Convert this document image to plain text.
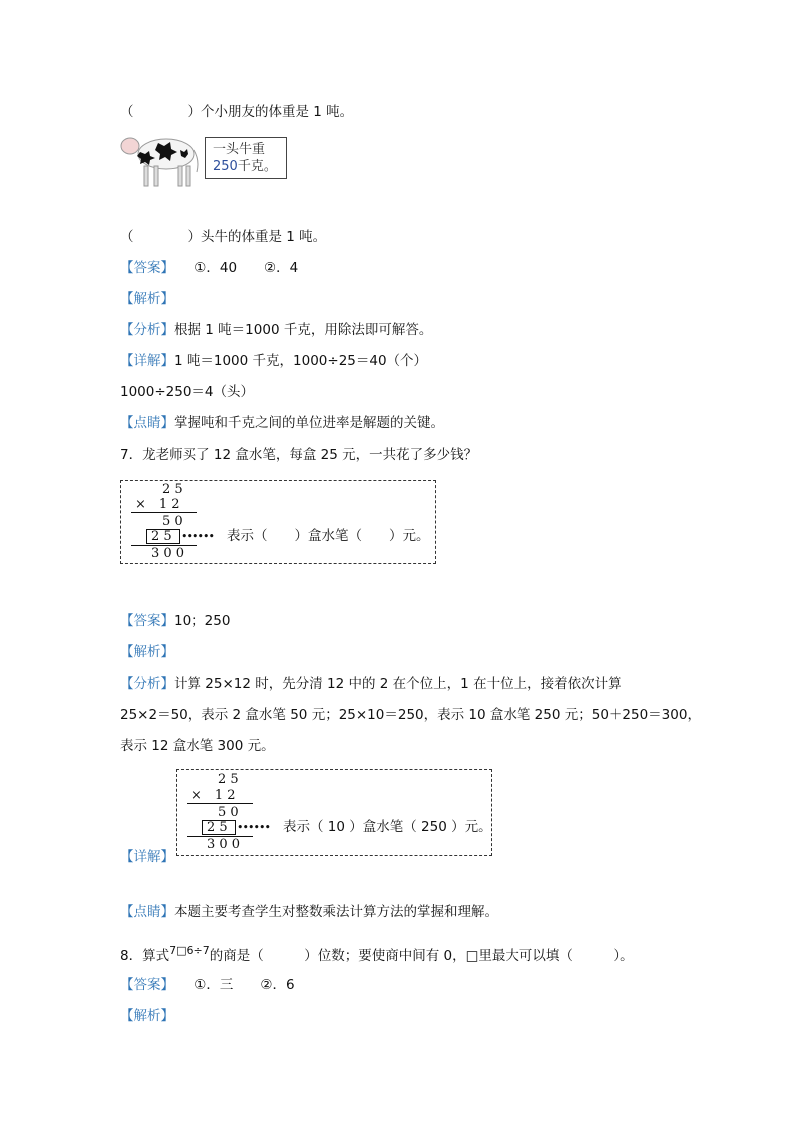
（　　　　）个小朋友的体重是 1 吨。
一头牛重
250千克。
（　　　　）头牛的体重是 1 吨。
【答案】　　①．40　　②．4
【解析】
【分析】根据 1 吨＝1000 千克，用除法即可解答。
【详解】1 吨＝1000 千克，1000÷25＝40（个）
1000÷250＝4（头）
【点睛】掌握吨和千克之间的单位进率是解题的关键。
7．龙老师买了 12 盒水笔，每盒 25 元，一共花了多少钱？
2 5
×　1 2
5 0
2 5 •••••• 表示（　　）盒水笔（　　）元。
3 0 0
【答案】10；250
【解析】
【分析】计算 25×12 时，先分清 12 中的 2 在个位上，1 在十位上，接着依次计算
25×2＝50，表示 2 盒水笔 50 元；25×10＝250，表示 10 盒水笔 250 元；50＋250＝300，
表示 12 盒水笔 300 元。
2 5
×　1 2
5 0
2 5 •••••• 表示（ 10 ）盒水笔（ 250 ）元。
3 0 0
【详解】
【点睛】本题主要考查学生对整数乘法计算方法的掌握和理解。
8．算式$^{7□6\div 7}$的商是（　　　）位数；要使商中间有 0，□里最大可以填（　　　）。
【答案】　　①．三　　②．6
【解析】
